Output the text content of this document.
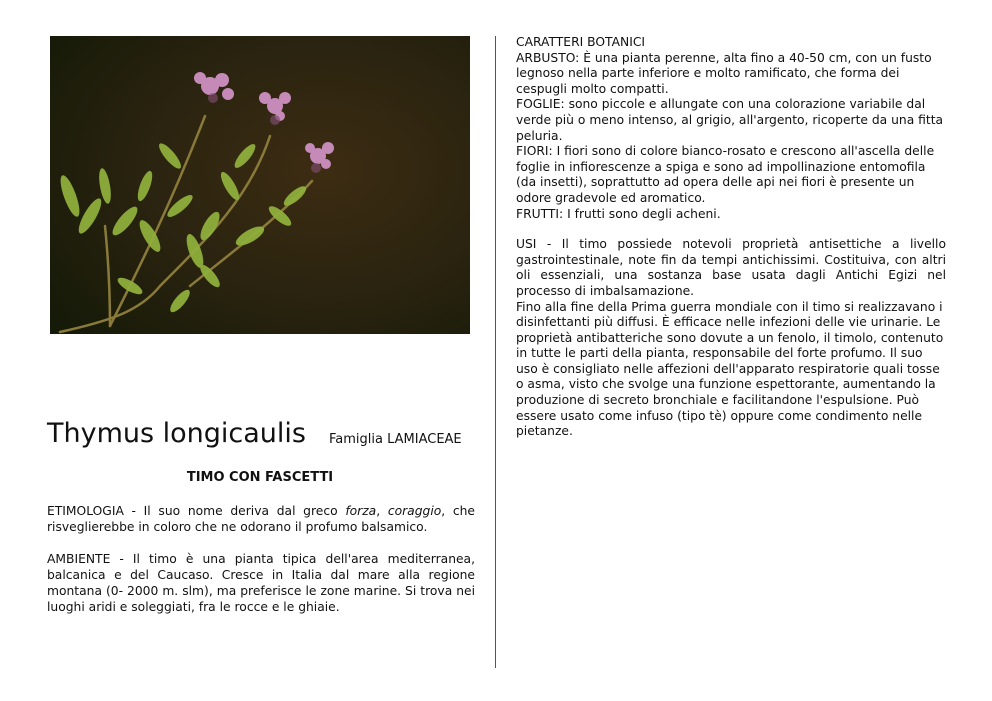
Thymus longicaulis Famiglia LAMIACEAE
TIMO CON FASCETTI

ETIMOLOGIA - Il suo nome deriva dal greco forza, coraggio, che risveglierebbe in coloro che ne odorano il profumo balsamico.

AMBIENTE - Il timo è una pianta tipica dell'area mediterranea, balcanica e del Caucaso. Cresce in Italia dal mare alla regione montana (0- 2000 m. slm), ma preferisce le zone marine. Si trova nei luoghi aridi e soleggiati, fra le rocce e le ghiaie.

CARATTERI BOTANICI

ARBUSTO: È una pianta perenne, alta fino a 40-50 cm, con un fusto legnoso nella parte inferiore e molto ramificato, che forma dei cespugli molto compatti.

FOGLIE: sono piccole e allungate con una colorazione variabile dal verde più o meno intenso, al grigio, all'argento, ricoperte da una fitta peluria.

FIORI: I fiori sono di colore bianco-rosato e crescono all'ascella delle foglie in infiorescenze a spiga e sono ad impollinazione entomofila (da insetti), soprattutto ad opera delle api nei fiori è presente un odore gradevole ed aromatico.

FRUTTI: I frutti sono degli acheni.

USI - Il timo possiede notevoli proprietà antisettiche a livello gastrointestinale, note fin da tempi antichissimi. Costituiva, con altri oli essenziali, una sostanza base usata dagli Antichi Egizi nel processo di imbalsamazione.

Fino alla fine della Prima guerra mondiale con il timo si realizzavano i disinfettanti più diffusi. È efficace nelle infezioni delle vie urinarie. Le proprietà antibatteriche sono dovute a un fenolo, il timolo, contenuto in tutte le parti della pianta, responsabile del forte profumo. Il suo uso è consigliato nelle affezioni dell'apparato respiratorie quali tosse o asma, visto che svolge una funzione espettorante, aumentando la produzione di secreto bronchiale e facilitandone l'espulsione. Può essere usato come infuso (tipo tè) oppure come condimento nelle pietanze.
